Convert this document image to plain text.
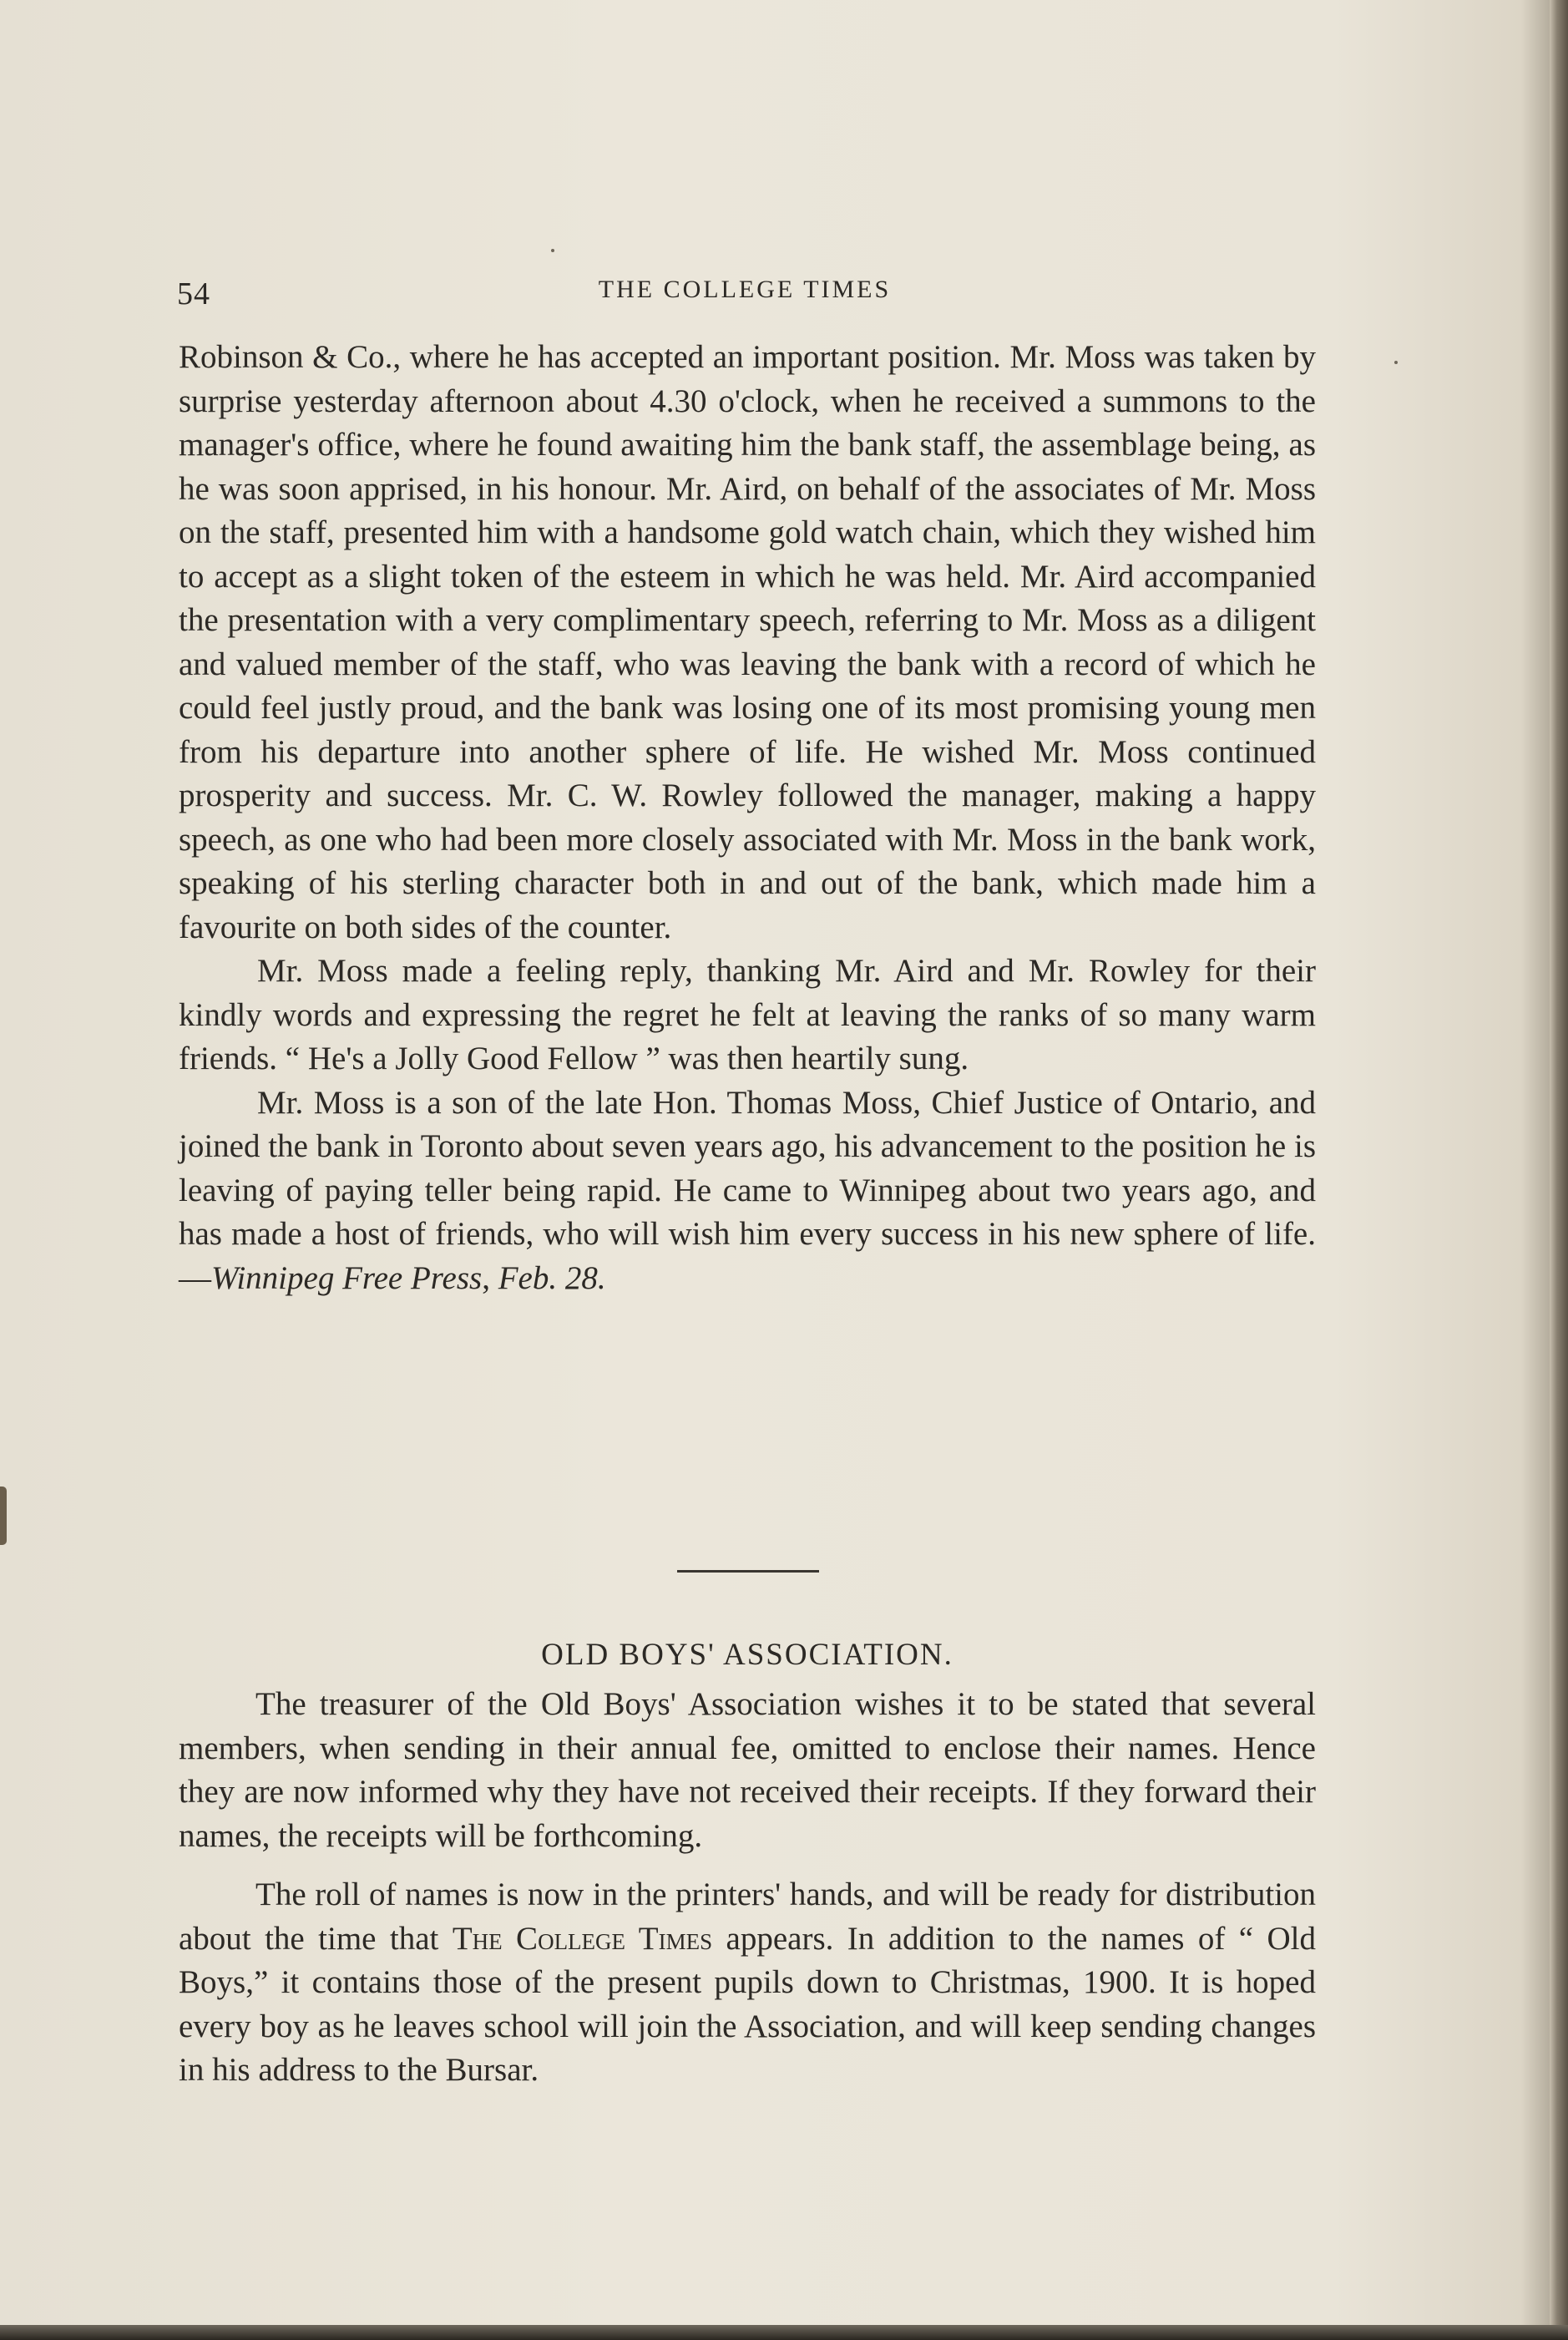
54	THE COLLEGE TIMES

Robinson & Co., where he has accepted an important position. Mr. Moss was taken by surprise yesterday afternoon about 4.30 o'clock, when he received a summons to the manager's office, where he found awaiting him the bank staff, the assemblage being, as he was soon apprised, in his honour. Mr. Aird, on behalf of the associates of Mr. Moss on the staff, presented him with a handsome gold watch chain, which they wished him to accept as a slight token of the esteem in which he was held. Mr. Aird accompanied the presentation with a very complimentary speech, referring to Mr. Moss as a diligent and valued member of the staff, who was leaving the bank with a record of which he could feel justly proud, and the bank was losing one of its most promising young men from his departure into another sphere of life. He wished Mr. Moss continued prosperity and success. Mr. C. W. Rowley followed the manager, making a happy speech, as one who had been more closely associated with Mr. Moss in the bank work, speaking of his sterling character both in and out of the bank, which made him a favourite on both sides of the counter.

Mr. Moss made a feeling reply, thanking Mr. Aird and Mr. Rowley for their kindly words and expressing the regret he felt at leaving the ranks of so many warm friends. “ He's a Jolly Good Fellow ” was then heartily sung.

Mr. Moss is a son of the late Hon. Thomas Moss, Chief Justice of Ontario, and joined the bank in Toronto about seven years ago, his advancement to the position he is leaving of paying teller being rapid. He came to Winnipeg about two years ago, and has made a host of friends, who will wish him every success in his new sphere of life.—Winnipeg Free Press, Feb. 28.

OLD BOYS' ASSOCIATION.

The treasurer of the Old Boys' Association wishes it to be stated that several members, when sending in their annual fee, omitted to enclose their names. Hence they are now informed why they have not received their receipts. If they forward their names, the receipts will be forthcoming.

The roll of names is now in the printers' hands, and will be ready for distribution about the time that The College Times appears. In addition to the names of “ Old Boys,” it contains those of the present pupils down to Christmas, 1900. It is hoped every boy as he leaves school will join the Association, and will keep sending changes in his address to the Bursar.
